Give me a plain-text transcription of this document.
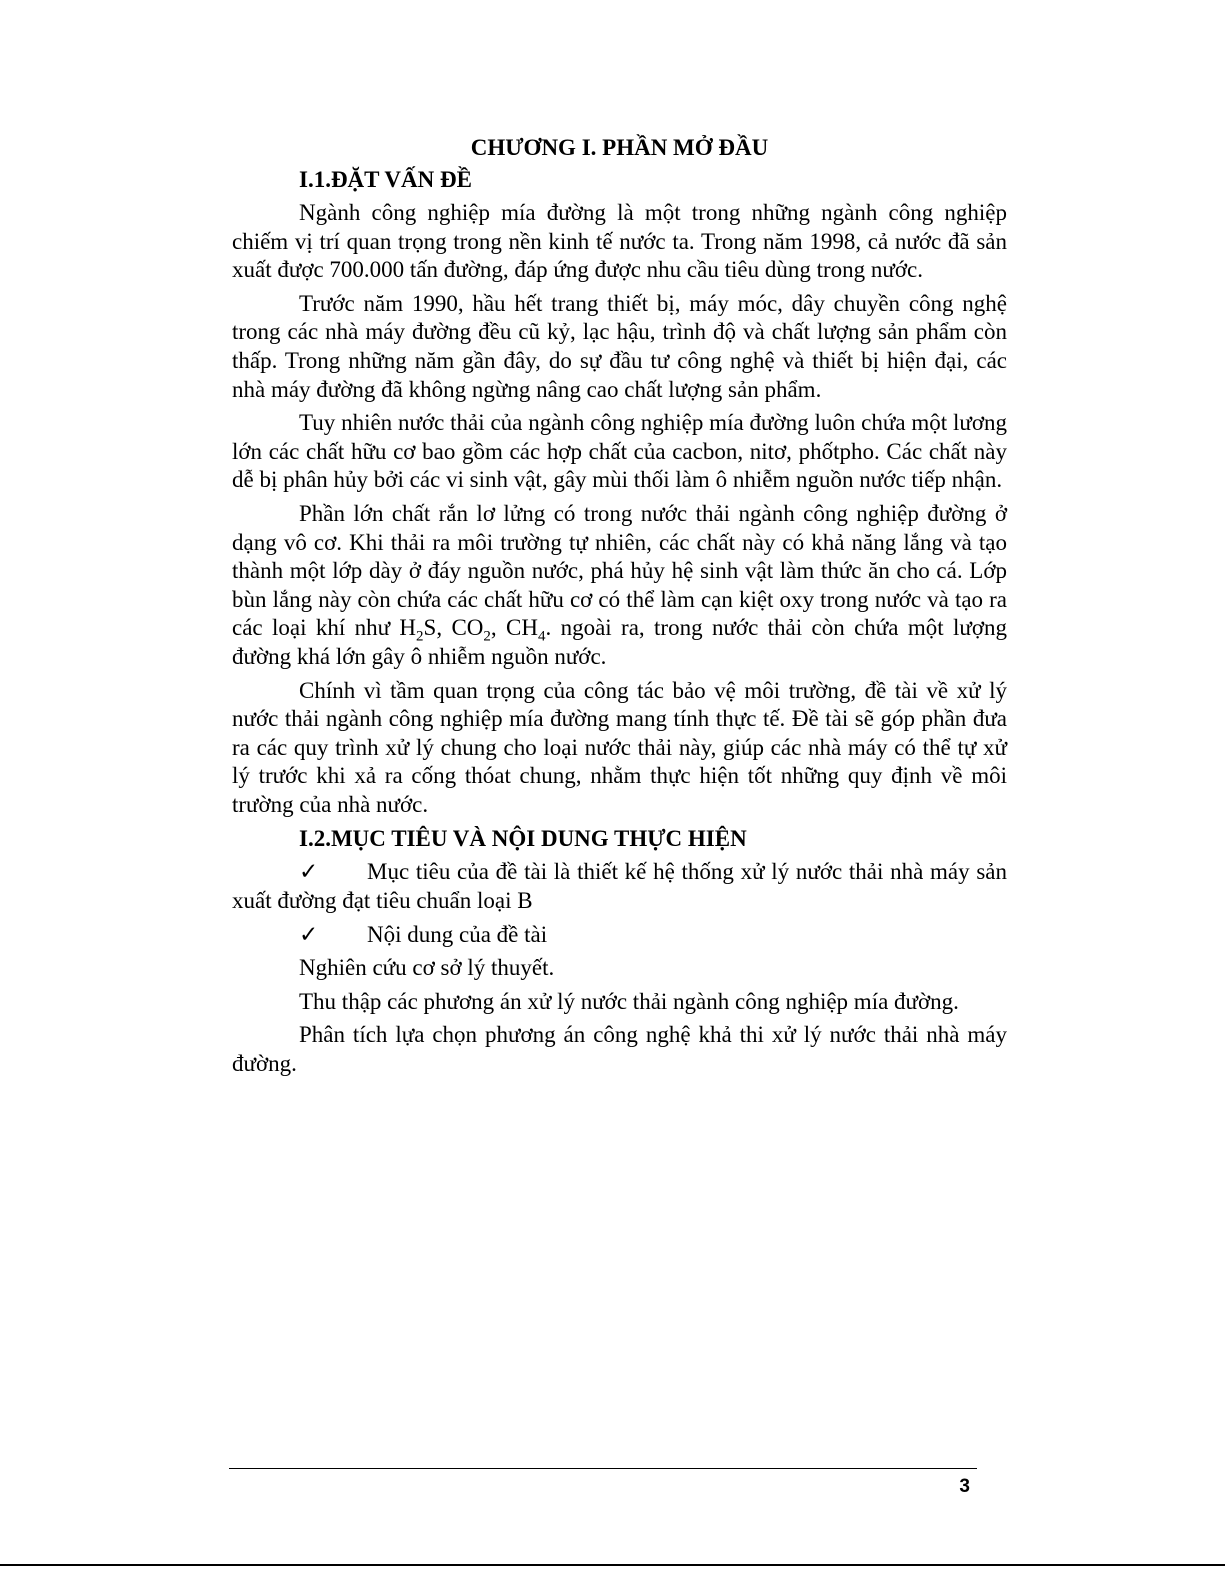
CHƯƠNG I. PHẦN MỞ ĐẦU
I.1.ĐẶT VẤN ĐỀ

Ngành công nghiệp mía đường là một trong những ngành công nghiệp chiếm vị trí quan trọng trong nền kinh tế nước ta. Trong năm 1998, cả nước đã sản xuất được 700.000 tấn đường, đáp ứng được nhu cầu tiêu dùng trong nước.

Trước năm 1990, hầu hết trang thiết bị, máy móc, dây chuyền công nghệ trong các nhà máy đường đều cũ kỷ, lạc hậu, trình độ và chất lượng sản phẩm còn thấp. Trong những năm gần đây, do sự đầu tư công nghệ và thiết bị hiện đại, các nhà máy đường đã không ngừng nâng cao chất lượng sản phẩm.

Tuy nhiên nước thải của ngành công nghiệp mía đường luôn chứa một lương lớn các chất hữu cơ bao gồm các hợp chất của cacbon, nitơ, phốtpho. Các chất này dễ bị phân hủy bởi các vi sinh vật, gây mùi thối làm ô nhiễm nguồn nước tiếp nhận.

Phần lớn chất rắn lơ lửng có trong nước thải ngành công nghiệp đường ở dạng vô cơ. Khi thải ra môi trường tự nhiên, các chất này có khả năng lắng và tạo thành một lớp dày ở đáy nguồn nước, phá hủy hệ sinh vật làm thức ăn cho cá. Lớp bùn lắng này còn chứa các chất hữu cơ có thể làm cạn kiệt oxy trong nước và tạo ra các loại khí như $H_2S$, $CO_2$, $CH_4$. ngoài ra, trong nước thải còn chứa một lượng đường khá lớn gây ô nhiễm nguồn nước.

Chính vì tầm quan trọng của công tác bảo vệ môi trường, đề tài về xử lý nước thải ngành công nghiệp mía đường mang tính thực tế. Đề tài sẽ góp phần đưa ra các quy trình xử lý chung cho loại nước thải này, giúp các nhà máy có thể tự xử lý trước khi xả ra cống thóat chung, nhằm thực hiện tốt những quy định về môi trường của nhà nước.

I.2.MỤC TIÊU VÀ NỘI DUNG THỰC HIỆN

✓ Mục tiêu của đề tài là thiết kế hệ thống xử lý nước thải nhà máy sản xuất đường đạt tiêu chuẩn loại B

✓ Nội dung của đề tài

Nghiên cứu cơ sở lý thuyết.

Thu thập các phương án xử lý nước thải ngành công nghiệp mía đường.

Phân tích lựa chọn phương án công nghệ khả thi xử lý nước thải nhà máy đường.

3
